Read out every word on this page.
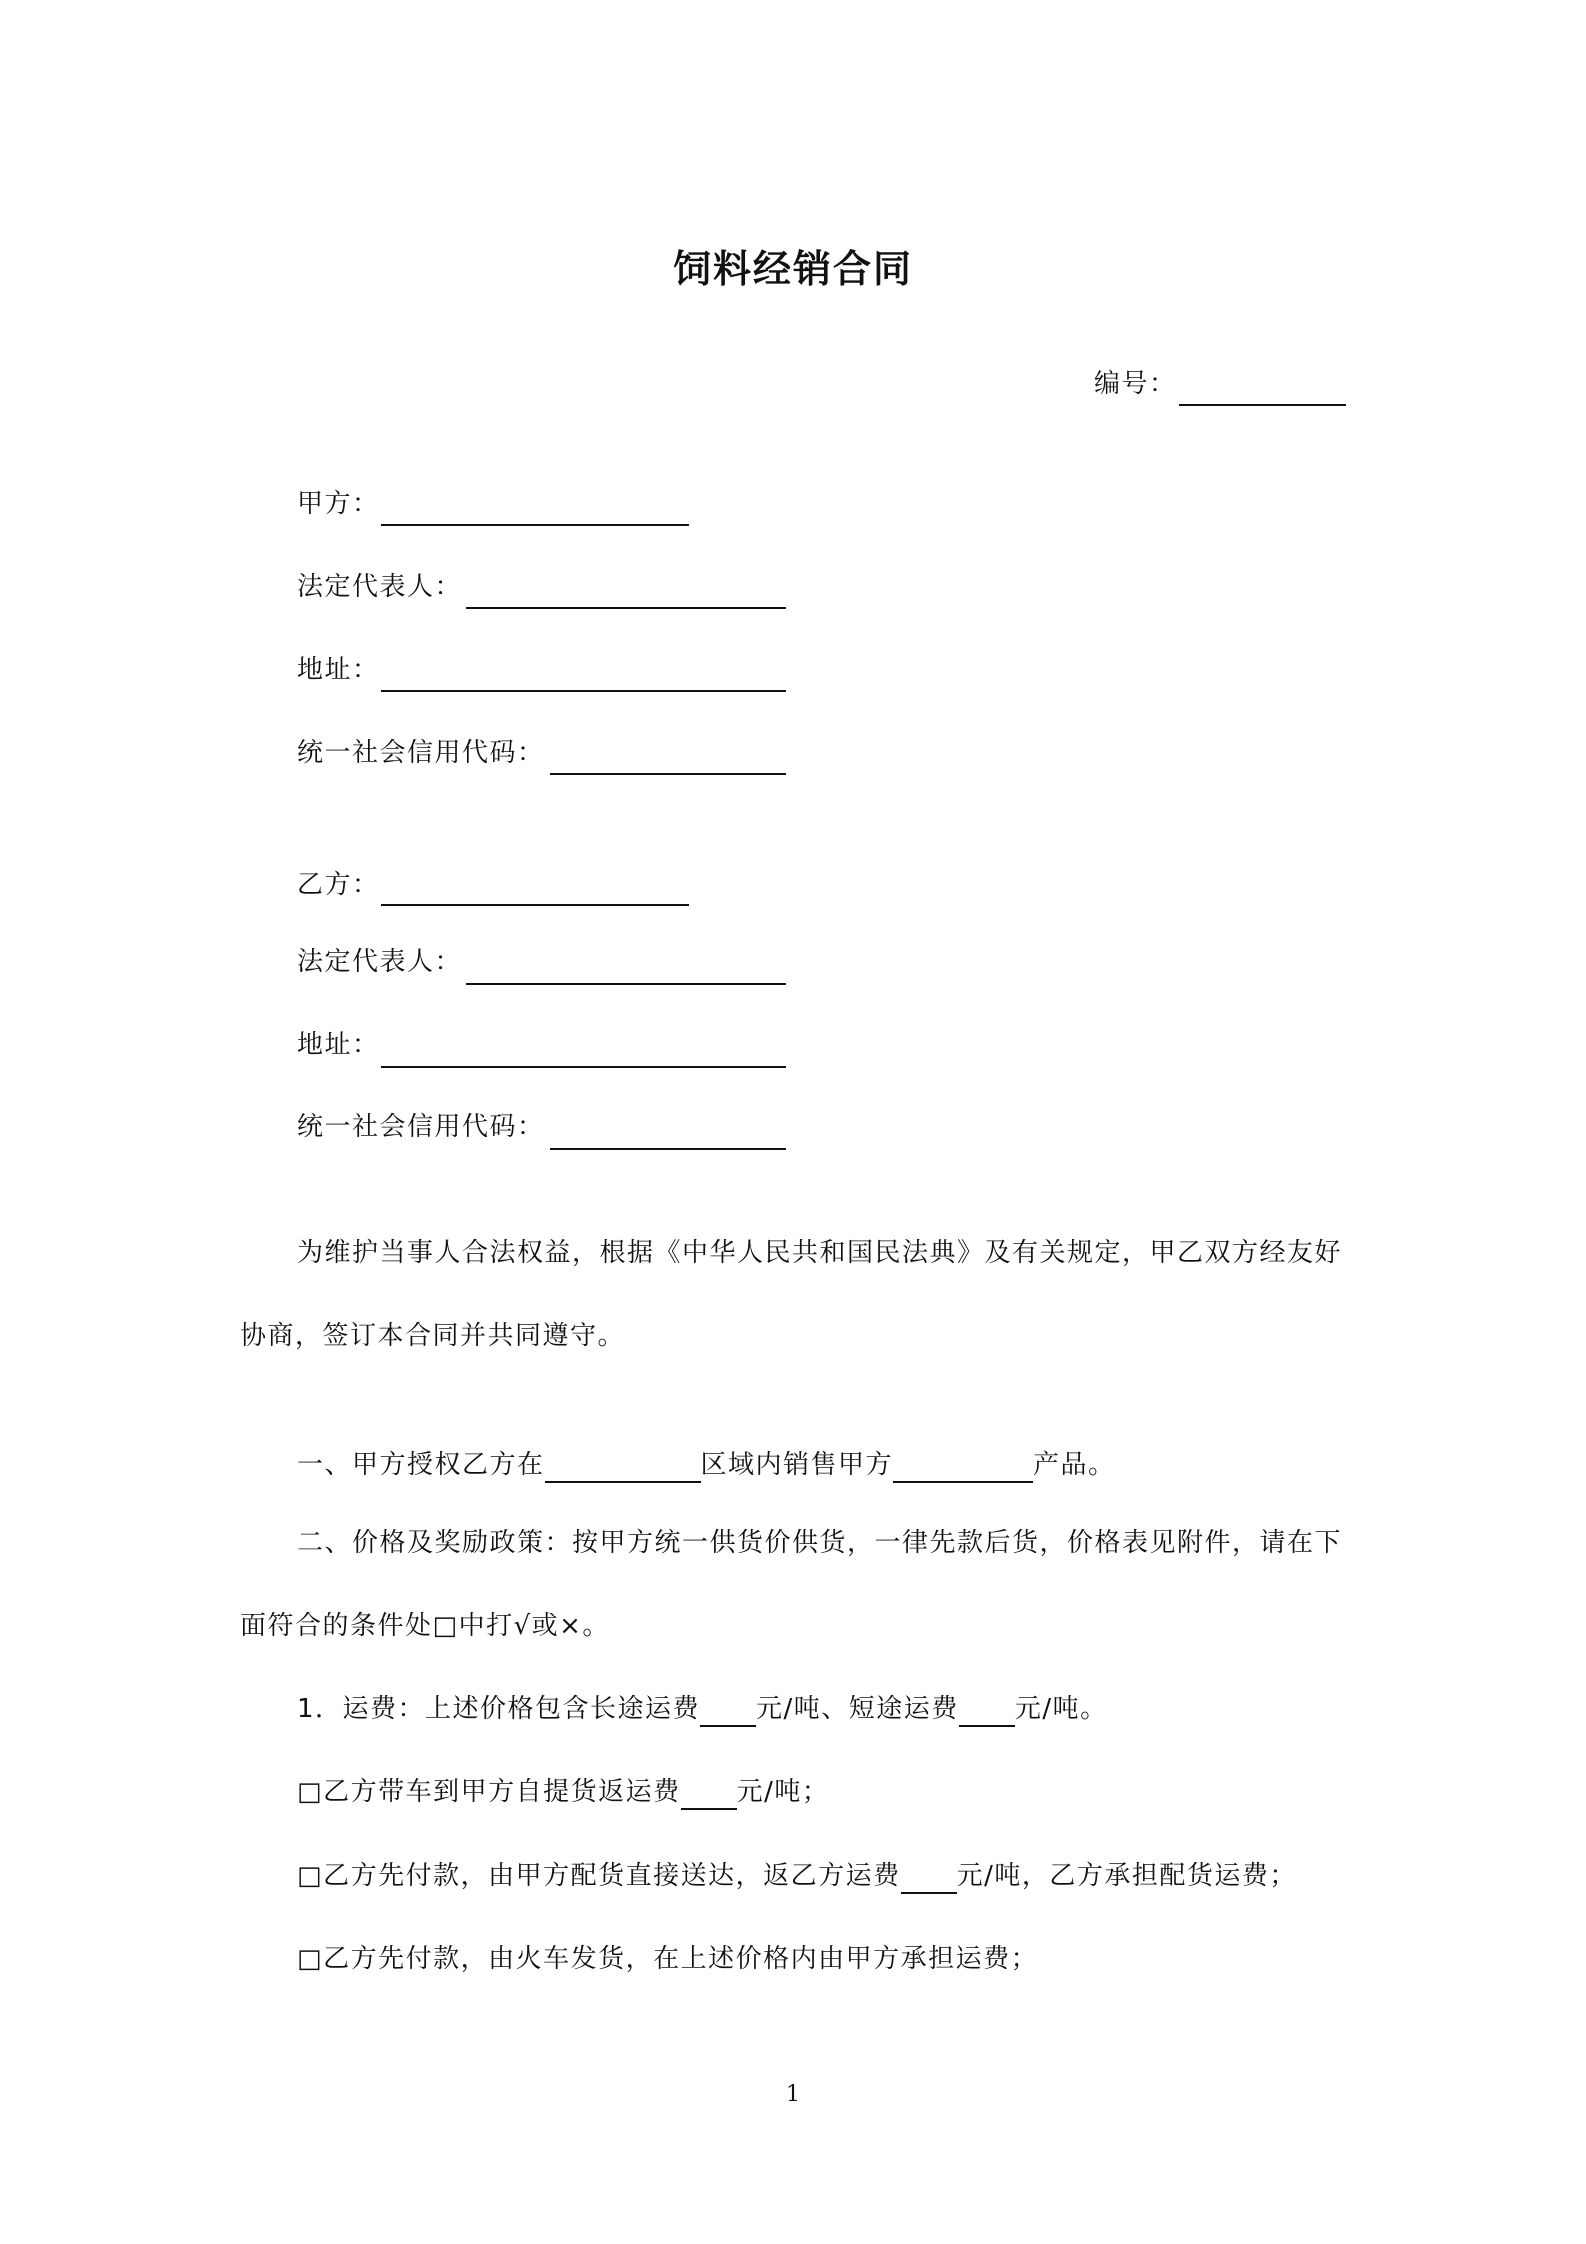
饲料经销合同
编号：
甲方：
法定代表人：
地址：
统一社会信用代码：
乙方：
法定代表人：
地址：
统一社会信用代码：
为维护当事人合法权益，根据《中华人民共和国民法典》及有关规定，甲乙双方经友好
协商，签订本合同并共同遵守。
一、甲方授权乙方在	区域内销售甲方	产品。
二、价格及奖励政策：按甲方统一供货价供货，一律先款后货，价格表见附件，请在下
面符合的条件处□中打√或×。
1．运费：上述价格包含长途运费 元/吨、短途运费 元/吨。
□乙方带车到甲方自提货返运费 元/吨；
□乙方先付款，由甲方配货直接送达，返乙方运费 元/吨，乙方承担配货运费；
□乙方先付款，由火车发货，在上述价格内由甲方承担运费；
1
